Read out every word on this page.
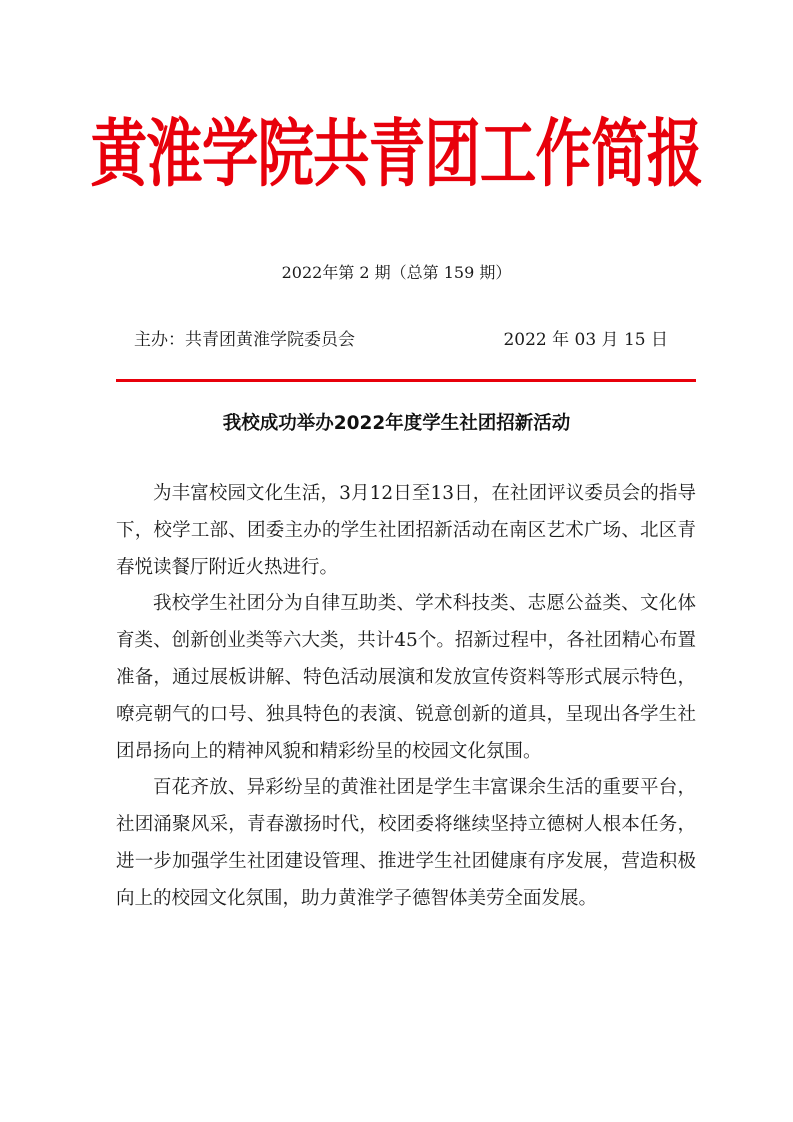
黄淮学院共青团工作简报
2022年第 2 期（总第 159 期）
主办：共青团黄淮学院委员会	2022 年 03 月 15 日
我校成功举办2022年度学生社团招新活动

为丰富校园文化生活，3月12日至13日，在社团评议委员会的指导下，校学工部、团委主办的学生社团招新活动在南区艺术广场、北区青春悦读餐厅附近火热进行。

我校学生社团分为自律互助类、学术科技类、志愿公益类、文化体育类、创新创业类等六大类，共计45个。招新过程中，各社团精心布置准备，通过展板讲解、特色活动展演和发放宣传资料等形式展示特色，嘹亮朝气的口号、独具特色的表演、锐意创新的道具，呈现出各学生社团昂扬向上的精神风貌和精彩纷呈的校园文化氛围。

百花齐放、异彩纷呈的黄淮社团是学生丰富课余生活的重要平台，社团涌聚风采，青春激扬时代，校团委将继续坚持立德树人根本任务，进一步加强学生社团建设管理、推进学生社团健康有序发展，营造积极向上的校园文化氛围，助力黄淮学子德智体美劳全面发展。
